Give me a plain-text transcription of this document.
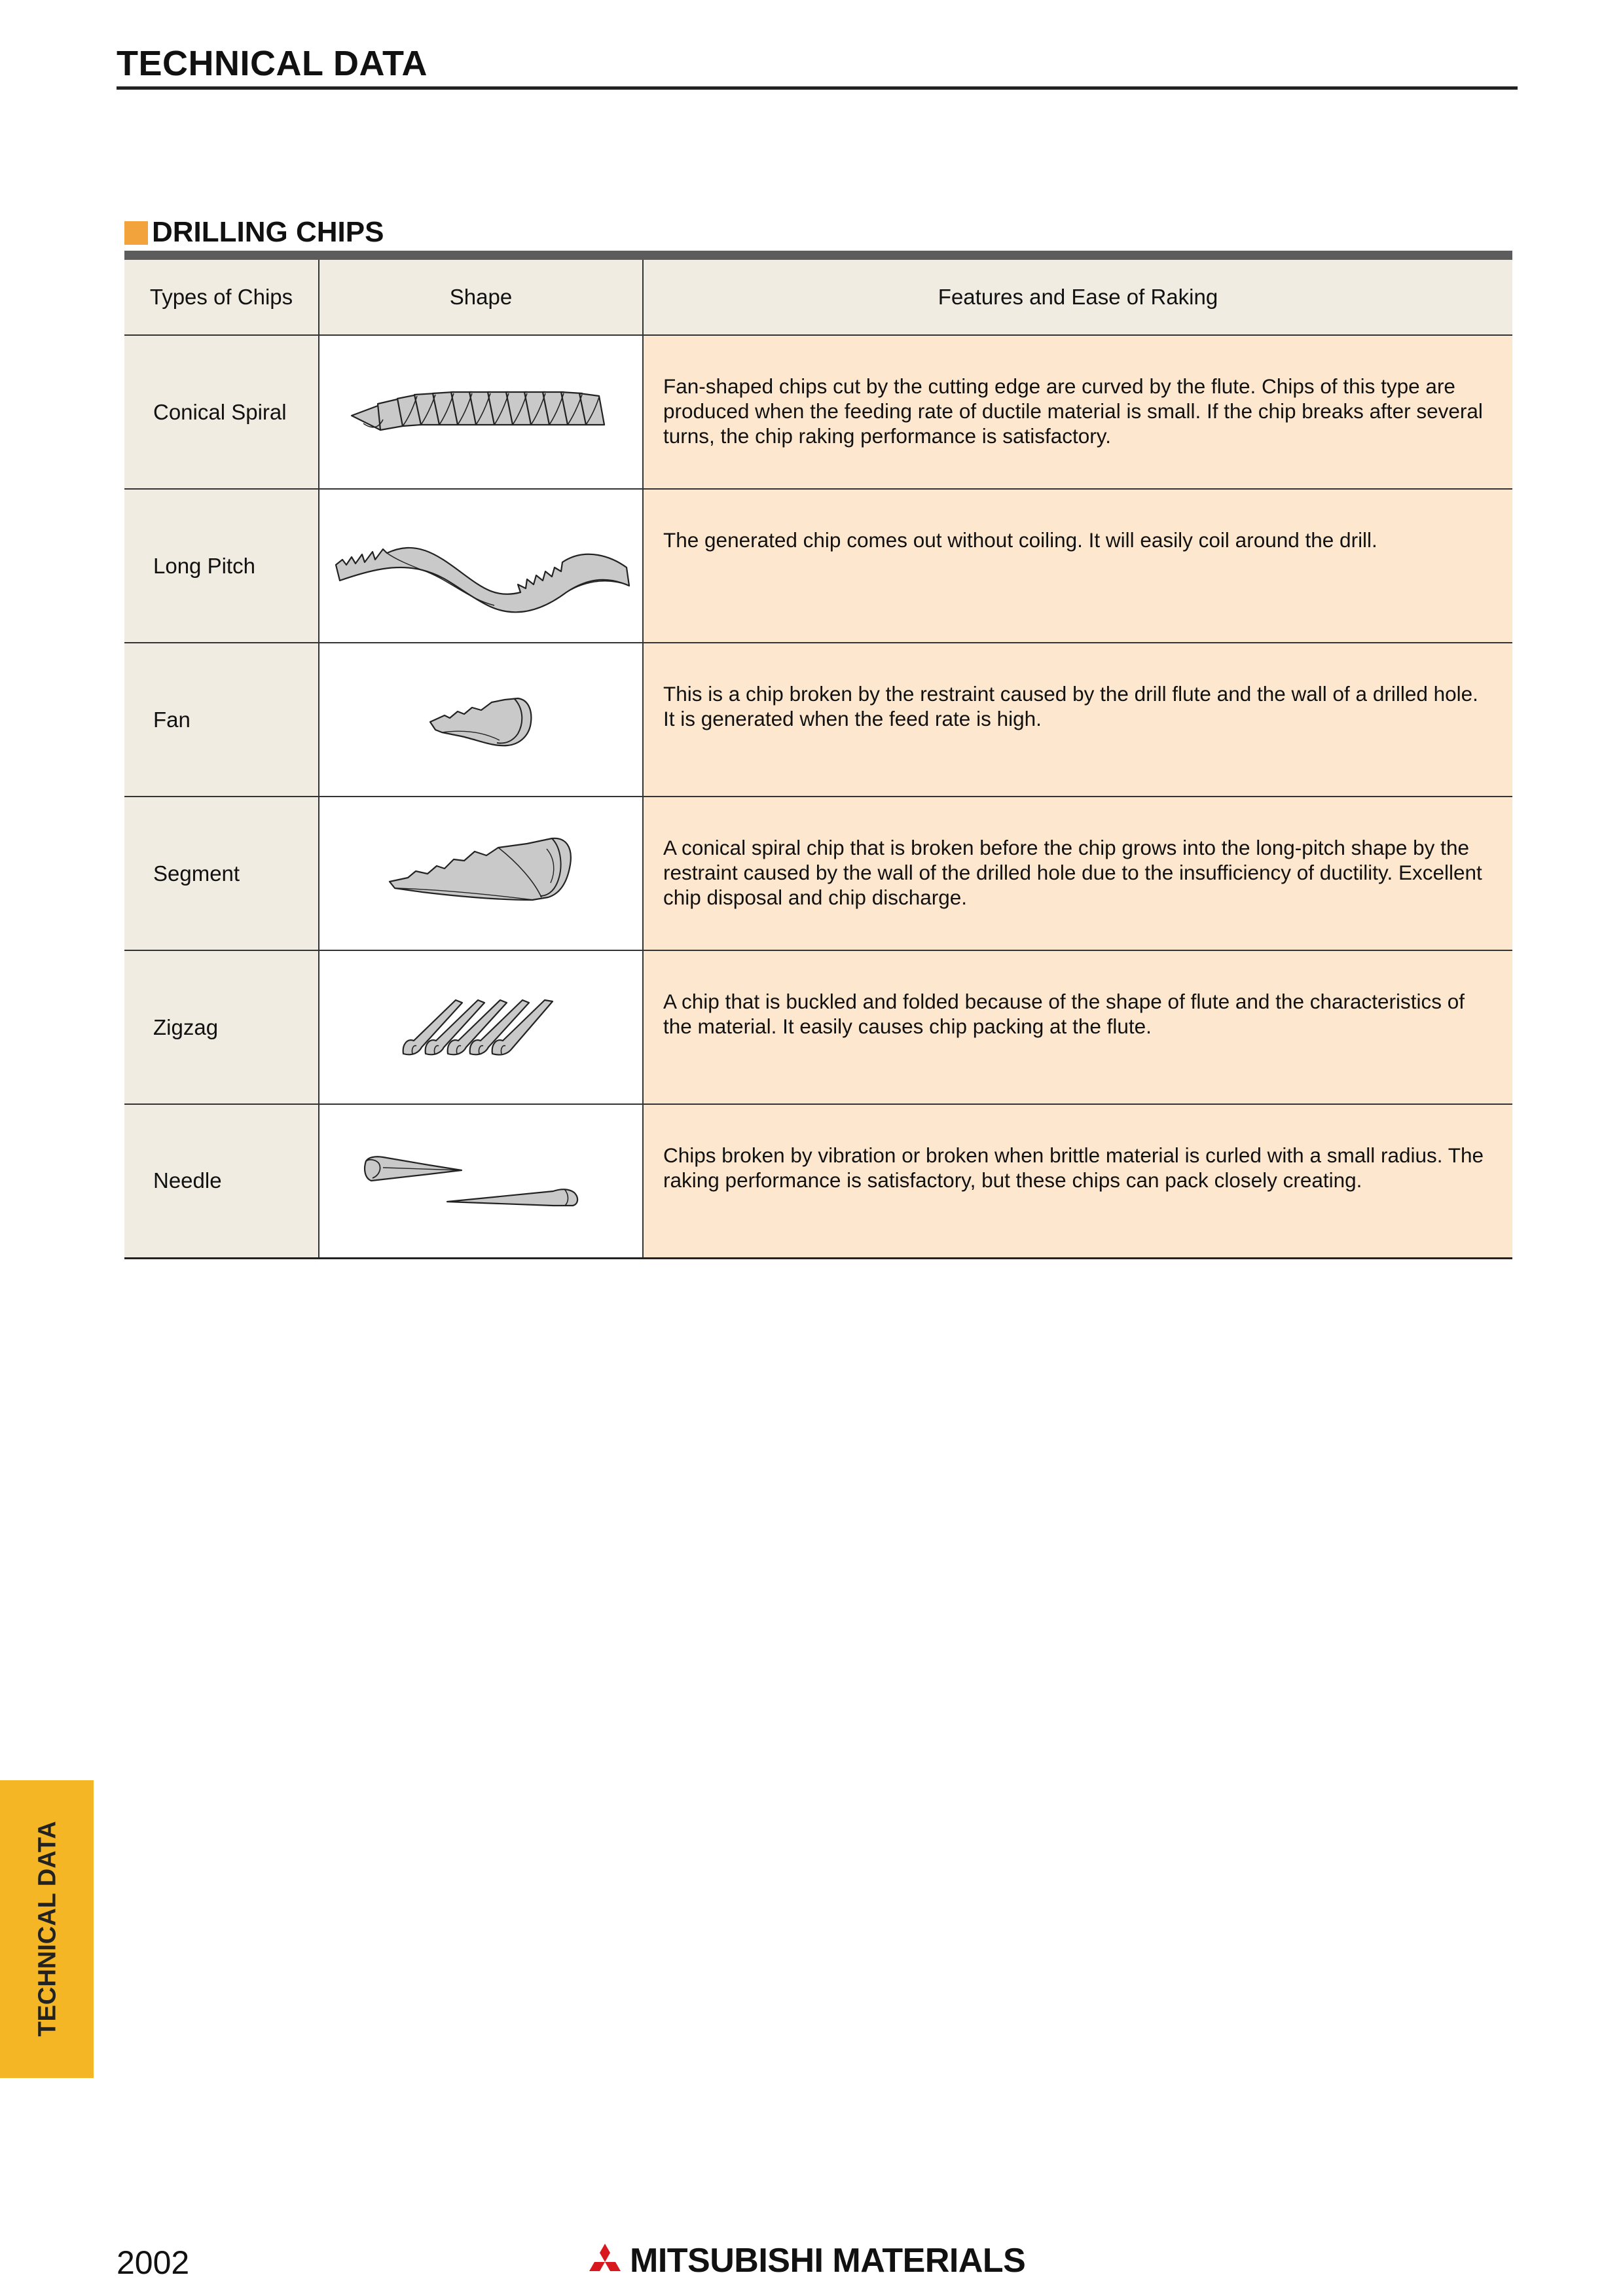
TECHNICAL DATA
DRILLING CHIPS
Types of Chips	Shape	Features and Ease of Raking
Conical Spiral		Fan-shaped chips cut by the cutting edge are curved by the flute. Chips of this type are produced when the feeding rate of ductile material is small. If the chip breaks after several turns, the chip raking performance is satisfactory.
Long Pitch		The generated chip comes out without coiling. It will easily coil around the drill.
Fan		This is a chip broken by the restraint caused by the drill flute and the wall of a drilled hole. It is generated when the feed rate is high.
Segment		A conical spiral chip that is broken before the chip grows into the long-pitch shape by the restraint caused by the wall of the drilled hole due to the insufficiency of ductility. Excellent chip disposal and chip discharge.
Zigzag		A chip that is buckled and folded because of the shape of flute and the characteristics of the material. It easily causes chip packing at the flute.
Needle		Chips broken by vibration or broken when brittle material is curled with a small radius. The raking performance is satisfactory, but these chips can pack closely creating.
TECHNICAL DATA
2002	MITSUBISHI MATERIALS
